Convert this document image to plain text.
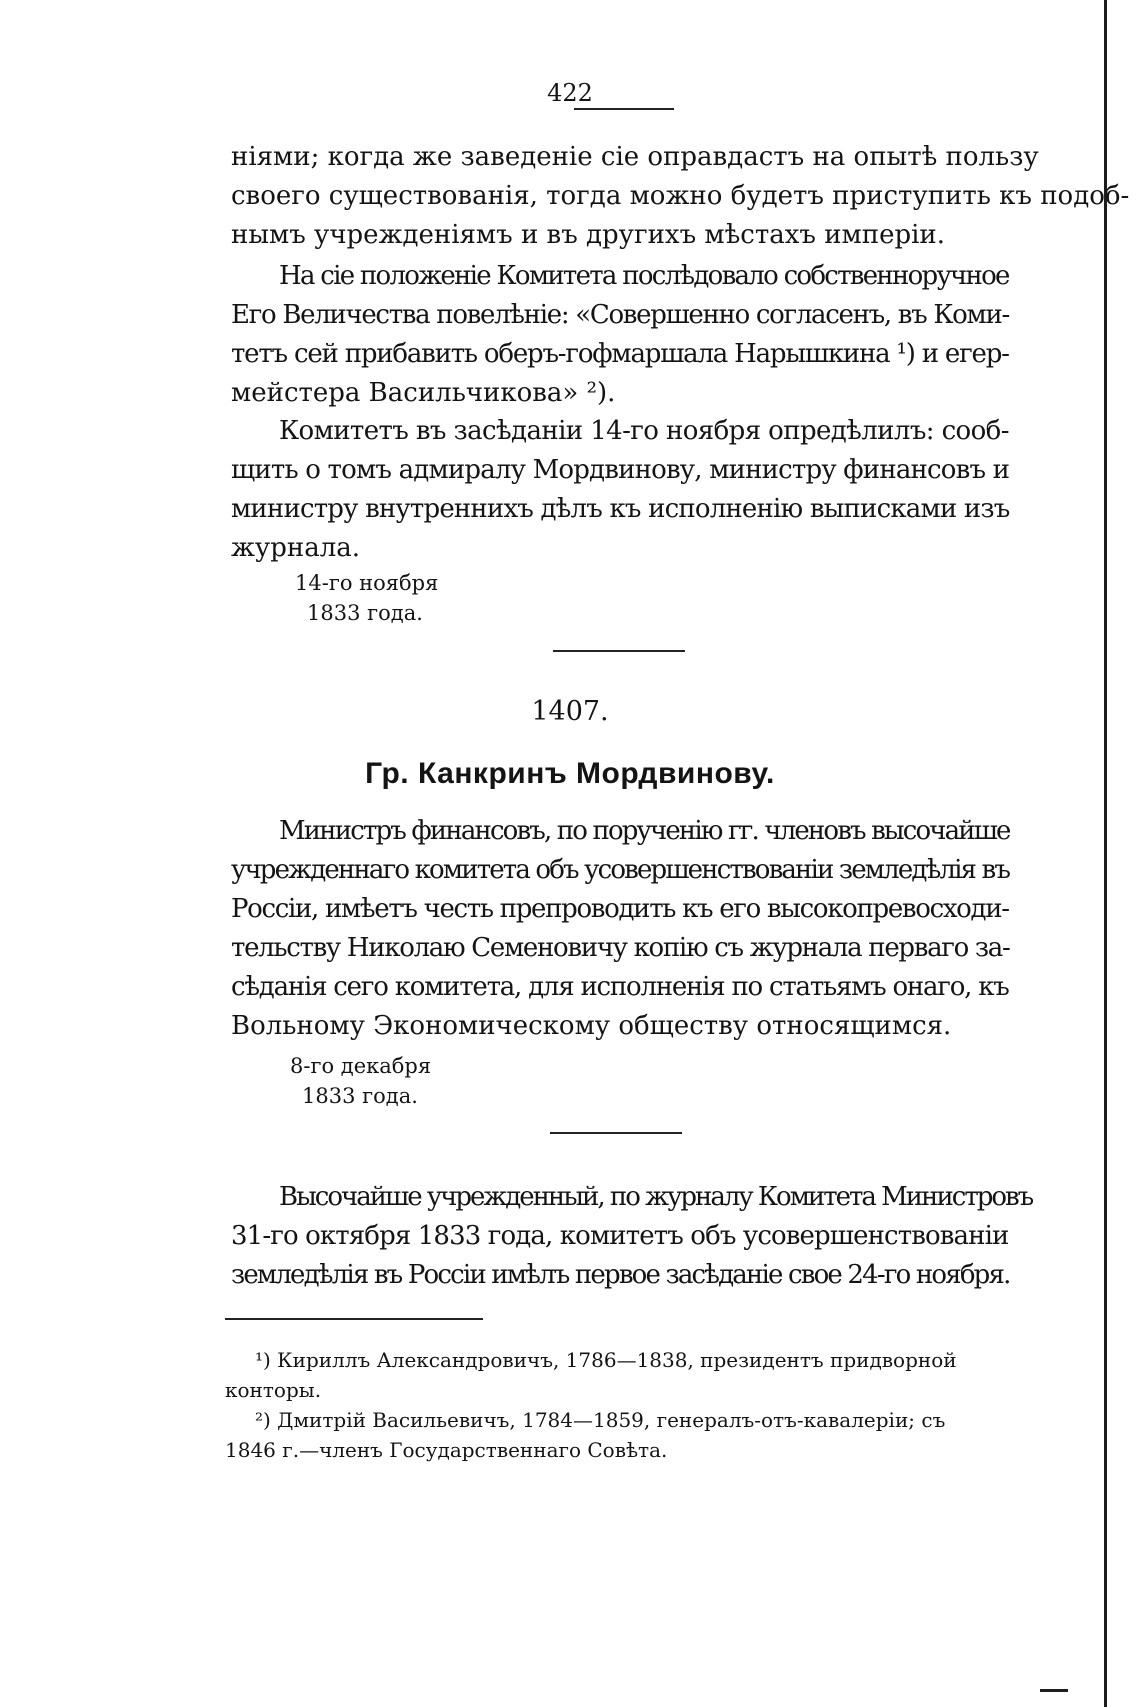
422
ніями; когда же заведеніе сіе оправдастъ на опытѣ пользу
своего существованія, тогда можно будетъ приступить къ подоб-
нымъ учрежденіямъ и въ другихъ мѣстахъ имперіи.
На сіе положеніе Комитета послѣдовало собственноручное
Его Величества повелѣніе: «Совершенно согласенъ, въ Коми-
тетъ сей прибавить оберъ-гофмаршала Нарышкина ¹) и егер-
мейстера Васильчикова» ²).
Комитетъ въ засѣданіи 14-го ноября опредѣлилъ: сооб-
щить о томъ адмиралу Мордвинову, министру финансовъ и
министру внутреннихъ дѣлъ къ исполненію выписками изъ
журнала.
14-го ноября
1833 года.
1407.
Гр. Канкринъ Мордвинову.
Министръ финансовъ, по порученію гг. членовъ высочайше
учрежденнаго комитета объ усовершенствованіи земледѣлія въ
Россіи, имѣетъ честь препроводить къ его высокопревосходи-
тельству Николаю Семеновичу копію съ журнала перваго за-
сѣданія сего комитета, для исполненія по статьямъ онаго, къ
Вольному Экономическому обществу относящимся.
8-го декабря
1833 года.
Высочайше учрежденный, по журналу Комитета Министровъ
31-го октября 1833 года, комитетъ объ усовершенствованіи
земледѣлія въ Россіи имѣлъ первое засѣданіе свое 24-го ноября.
¹) Кириллъ Александровичъ, 1786—1838, президентъ придворной
конторы.
²) Дмитрій Васильевичъ, 1784—1859, генералъ-отъ-кавалеріи; съ
1846 г.—членъ Государственнаго Совѣта.
